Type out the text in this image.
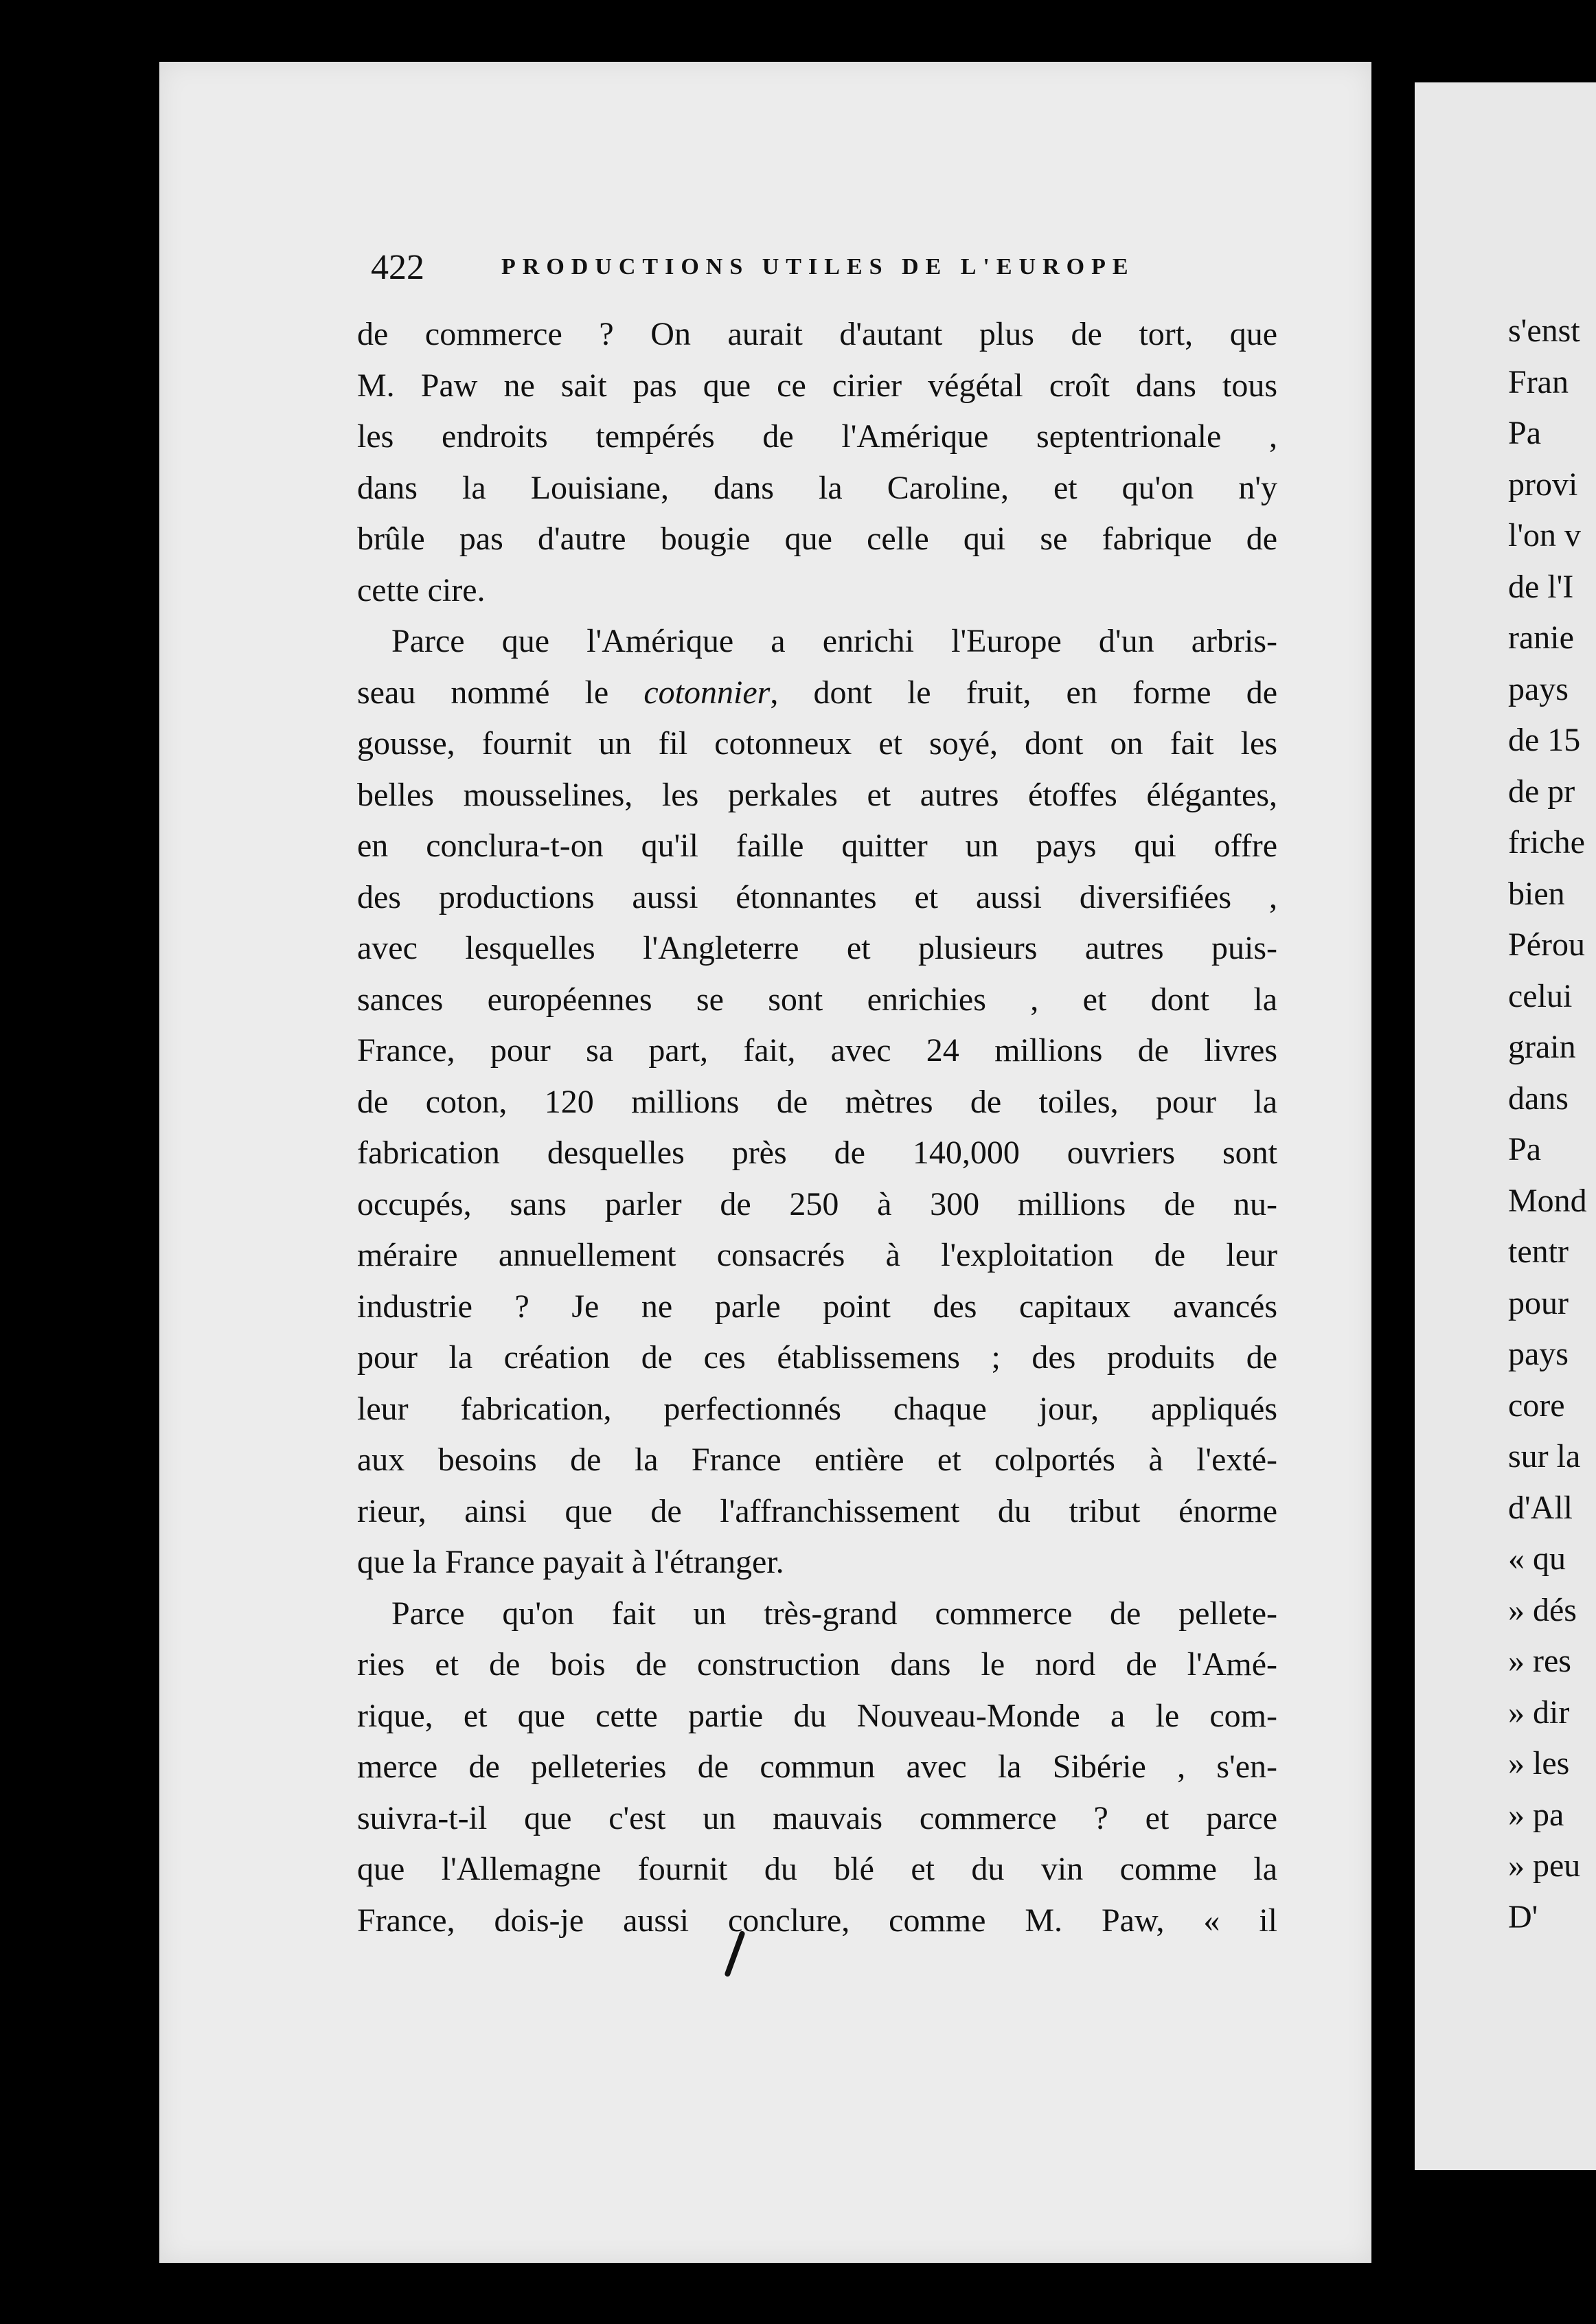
422	PRODUCTIONS UTILES DE L'EUROPE
de commerce ? On aurait d'autant plus de tort, que
M. Paw ne sait pas que ce cirier végétal croît dans tous
les endroits tempérés de l'Amérique septentrionale ,
dans la Louisiane, dans la Caroline, et qu'on n'y
brûle pas d'autre bougie que celle qui se fabrique de
cette cire.
Parce que l'Amérique a enrichi l'Europe d'un arbris-
seau nommé le cotonnier, dont le fruit, en forme de
gousse, fournit un fil cotonneux et soyé, dont on fait les
belles mousselines, les perkales et autres étoffes élégantes,
en conclura-t-on qu'il faille quitter un pays qui offre
des productions aussi étonnantes et aussi diversifiées ,
avec lesquelles l'Angleterre et plusieurs autres puis-
sances européennes se sont enrichies , et dont la
France, pour sa part, fait, avec 24 millions de livres
de coton, 120 millions de mètres de toiles, pour la
fabrication desquelles près de 140,000 ouvriers sont
occupés, sans parler de 250 à 300 millions de nu-
méraire annuellement consacrés à l'exploitation de leur
industrie ? Je ne parle point des capitaux avancés
pour la création de ces établissemens ; des produits de
leur fabrication, perfectionnés chaque jour, appliqués
aux besoins de la France entière et colportés à l'exté-
rieur, ainsi que de l'affranchissement du tribut énorme
que la France payait à l'étranger.
Parce qu'on fait un très-grand commerce de pellete-
ries et de bois de construction dans le nord de l'Amé-
rique, et que cette partie du Nouveau-Monde a le com-
merce de pelleteries de commun avec la Sibérie , s'en-
suivra-t-il que c'est un mauvais commerce ? et parce
que l'Allemagne fournit du blé et du vin comme la
France, dois-je aussi conclure, comme M. Paw, « il
s'enst
Fran
Pa
provi
l'on v
de l'I
ranie
pays
de 15
de pr
friche
bien
Pérou
celui
grain
dans
Pa
Mond
tentr
pour
pays
core
sur la
d'All
« qu
» dés
» res
» dir
» les
» pa
» peu
D'
